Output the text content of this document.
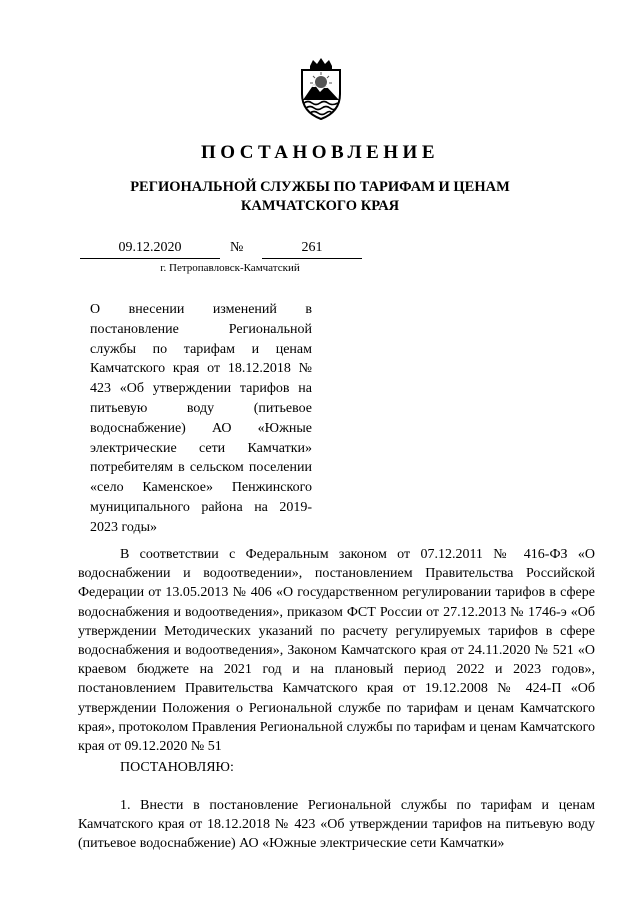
ПОСТАНОВЛЕНИЕ
РЕГИОНАЛЬНОЙ СЛУЖБЫ ПО ТАРИФАМ И ЦЕНАМ
КАМЧАТСКОГО КРАЯ
09.12.2020	№	261
г. Петропавловск-Камчатский
О внесении изменений в постановление Региональной службы по тарифам и ценам Камчатского края от 18.12.2018 № 423 «Об утверждении тарифов на питьевую воду (питьевое водоснабжение) АО «Южные электрические сети Камчатки» потребителям в сельском поселении «село Каменское» Пенжинского муниципального района на 2019-2023 годы»
В соответствии с Федеральным законом от 07.12.2011 № 416-ФЗ «О водоснабжении и водоотведении», постановлением Правительства Российской Федерации от 13.05.2013 № 406 «О государственном регулировании тарифов в сфере водоснабжения и водоотведения», приказом ФСТ России от 27.12.2013 № 1746-э «Об утверждении Методических указаний по расчету регулируемых тарифов в сфере водоснабжения и водоотведения», Законом Камчатского края от 24.11.2020 № 521 «О краевом бюджете на 2021 год и на плановый период 2022 и 2023 годов», постановлением Правительства Камчатского края от 19.12.2008 № 424-П «Об утверждении Положения о Региональной службе по тарифам и ценам Камчатского края», протоколом Правления Региональной службы по тарифам и ценам Камчатского края от 09.12.2020 № 51
ПОСТАНОВЛЯЮ:
1. Внести в постановление Региональной службы по тарифам и ценам Камчатского края от 18.12.2018 № 423 «Об утверждении тарифов на питьевую воду (питьевое водоснабжение) АО «Южные электрические сети Камчатки»
